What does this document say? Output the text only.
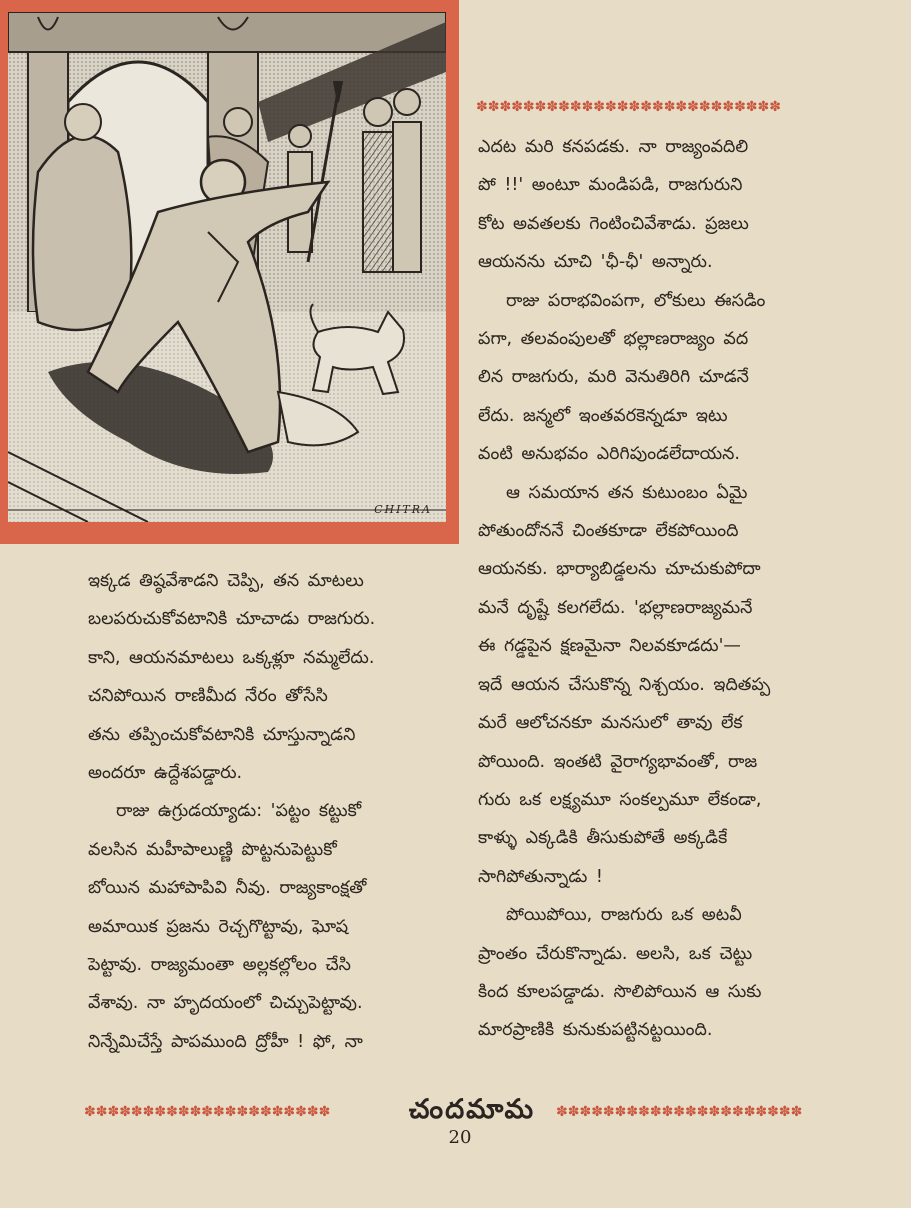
CHITRA
✽✽✽✽✽✽✽✽✽✽✽✽✽✽✽✽✽✽✽✽✽✽✽✽✽✽

ఎదట మరి కనపడకు. నా రాజ్యంవదిలి
పో !!' అంటూ మండిపడి, రాజగురుని
కోట అవతలకు గెంటించివేశాడు. ప్రజలు
ఆయనను చూచి 'ఛీ-ఛీ' అన్నారు.

రాజు పరాభవింపగా, లోకులు ఈసడిం
పగా, తలవంపులతో భల్లాణరాజ్యం వద
లిన రాజగురు, మరి వెనుతిరిగి చూడనే
లేదు. జన్మలో ఇంతవరకెన్నడూ ఇటు
వంటి అనుభవం ఎరిగిపుండలేదాయన.

ఆ సమయాన తన కుటుంబం ఏమై
పోతుందోననే చింతకూడా లేకపోయింది
ఆయనకు. భార్యాబిడ్డలను చూచుకుపోదా
మనే దృష్టే కలగలేదు. 'భల్లాణరాజ్యమనే
ఈ గడ్డపైన క్షణమైనా నిలవకూడదు'—
ఇదే ఆయన చేసుకొన్న నిశ్చయం. ఇదితప్ప
మరే ఆలోచనకూ మనసులో తావు లేక
పోయింది. ఇంతటి వైరాగ్యభావంతో, రాజ
గురు ఒక లక్ష్యమూ సంకల్పమూ లేకండా,
కాళ్ళు ఎక్కడికి తీసుకుపోతే అక్కడికే
సాగిపోతున్నాడు !

పోయిపోయి, రాజగురు ఒక అటవీ
ప్రాంతం చేరుకొన్నాడు. అలసి, ఒక చెట్టు
కింద కూలపడ్డాడు. సొలిపోయిన ఆ సుకు
మారప్రాణికి కునుకుపట్టినట్టయింది.

ఇక్కడ తిష్ఠవేశాడని చెప్పి, తన మాటలు
బలపరుచుకోవటానికి చూచాడు రాజగురు.
కాని, ఆయనమాటలు ఒక్కళ్లూ నమ్మలేదు.
చనిపోయిన రాణిమీద నేరం తోసేసి
తను తప్పించుకోవటానికి చూస్తున్నాడని
అందరూ ఉద్దేశపడ్డారు.

రాజు ఉగ్రుడయ్యాడు: 'పట్టం కట్టుకో
వలసిన మహీపాలుణ్ణి పొట్టనుపెట్టుకో
బోయిన మహాపాపివి నీవు. రాజ్యకాంక్షతో
అమాయిక ప్రజను రెచ్చగొట్టావు, ఘోష
పెట్టావు. రాజ్యమంతా అల్లకల్లోలం చేసి
వేశావు. నా హృదయంలో చిచ్చుపెట్టావు.
నిన్నేమిచేస్తే పాపముంది ద్రోహీ ! ఫో, నా

✽✽✽✽✽✽✽✽✽✽✽✽✽✽✽✽✽✽✽✽✽	చందమామ	✽✽✽✽✽✽✽✽✽✽✽✽✽✽✽✽✽✽✽✽✽
20
